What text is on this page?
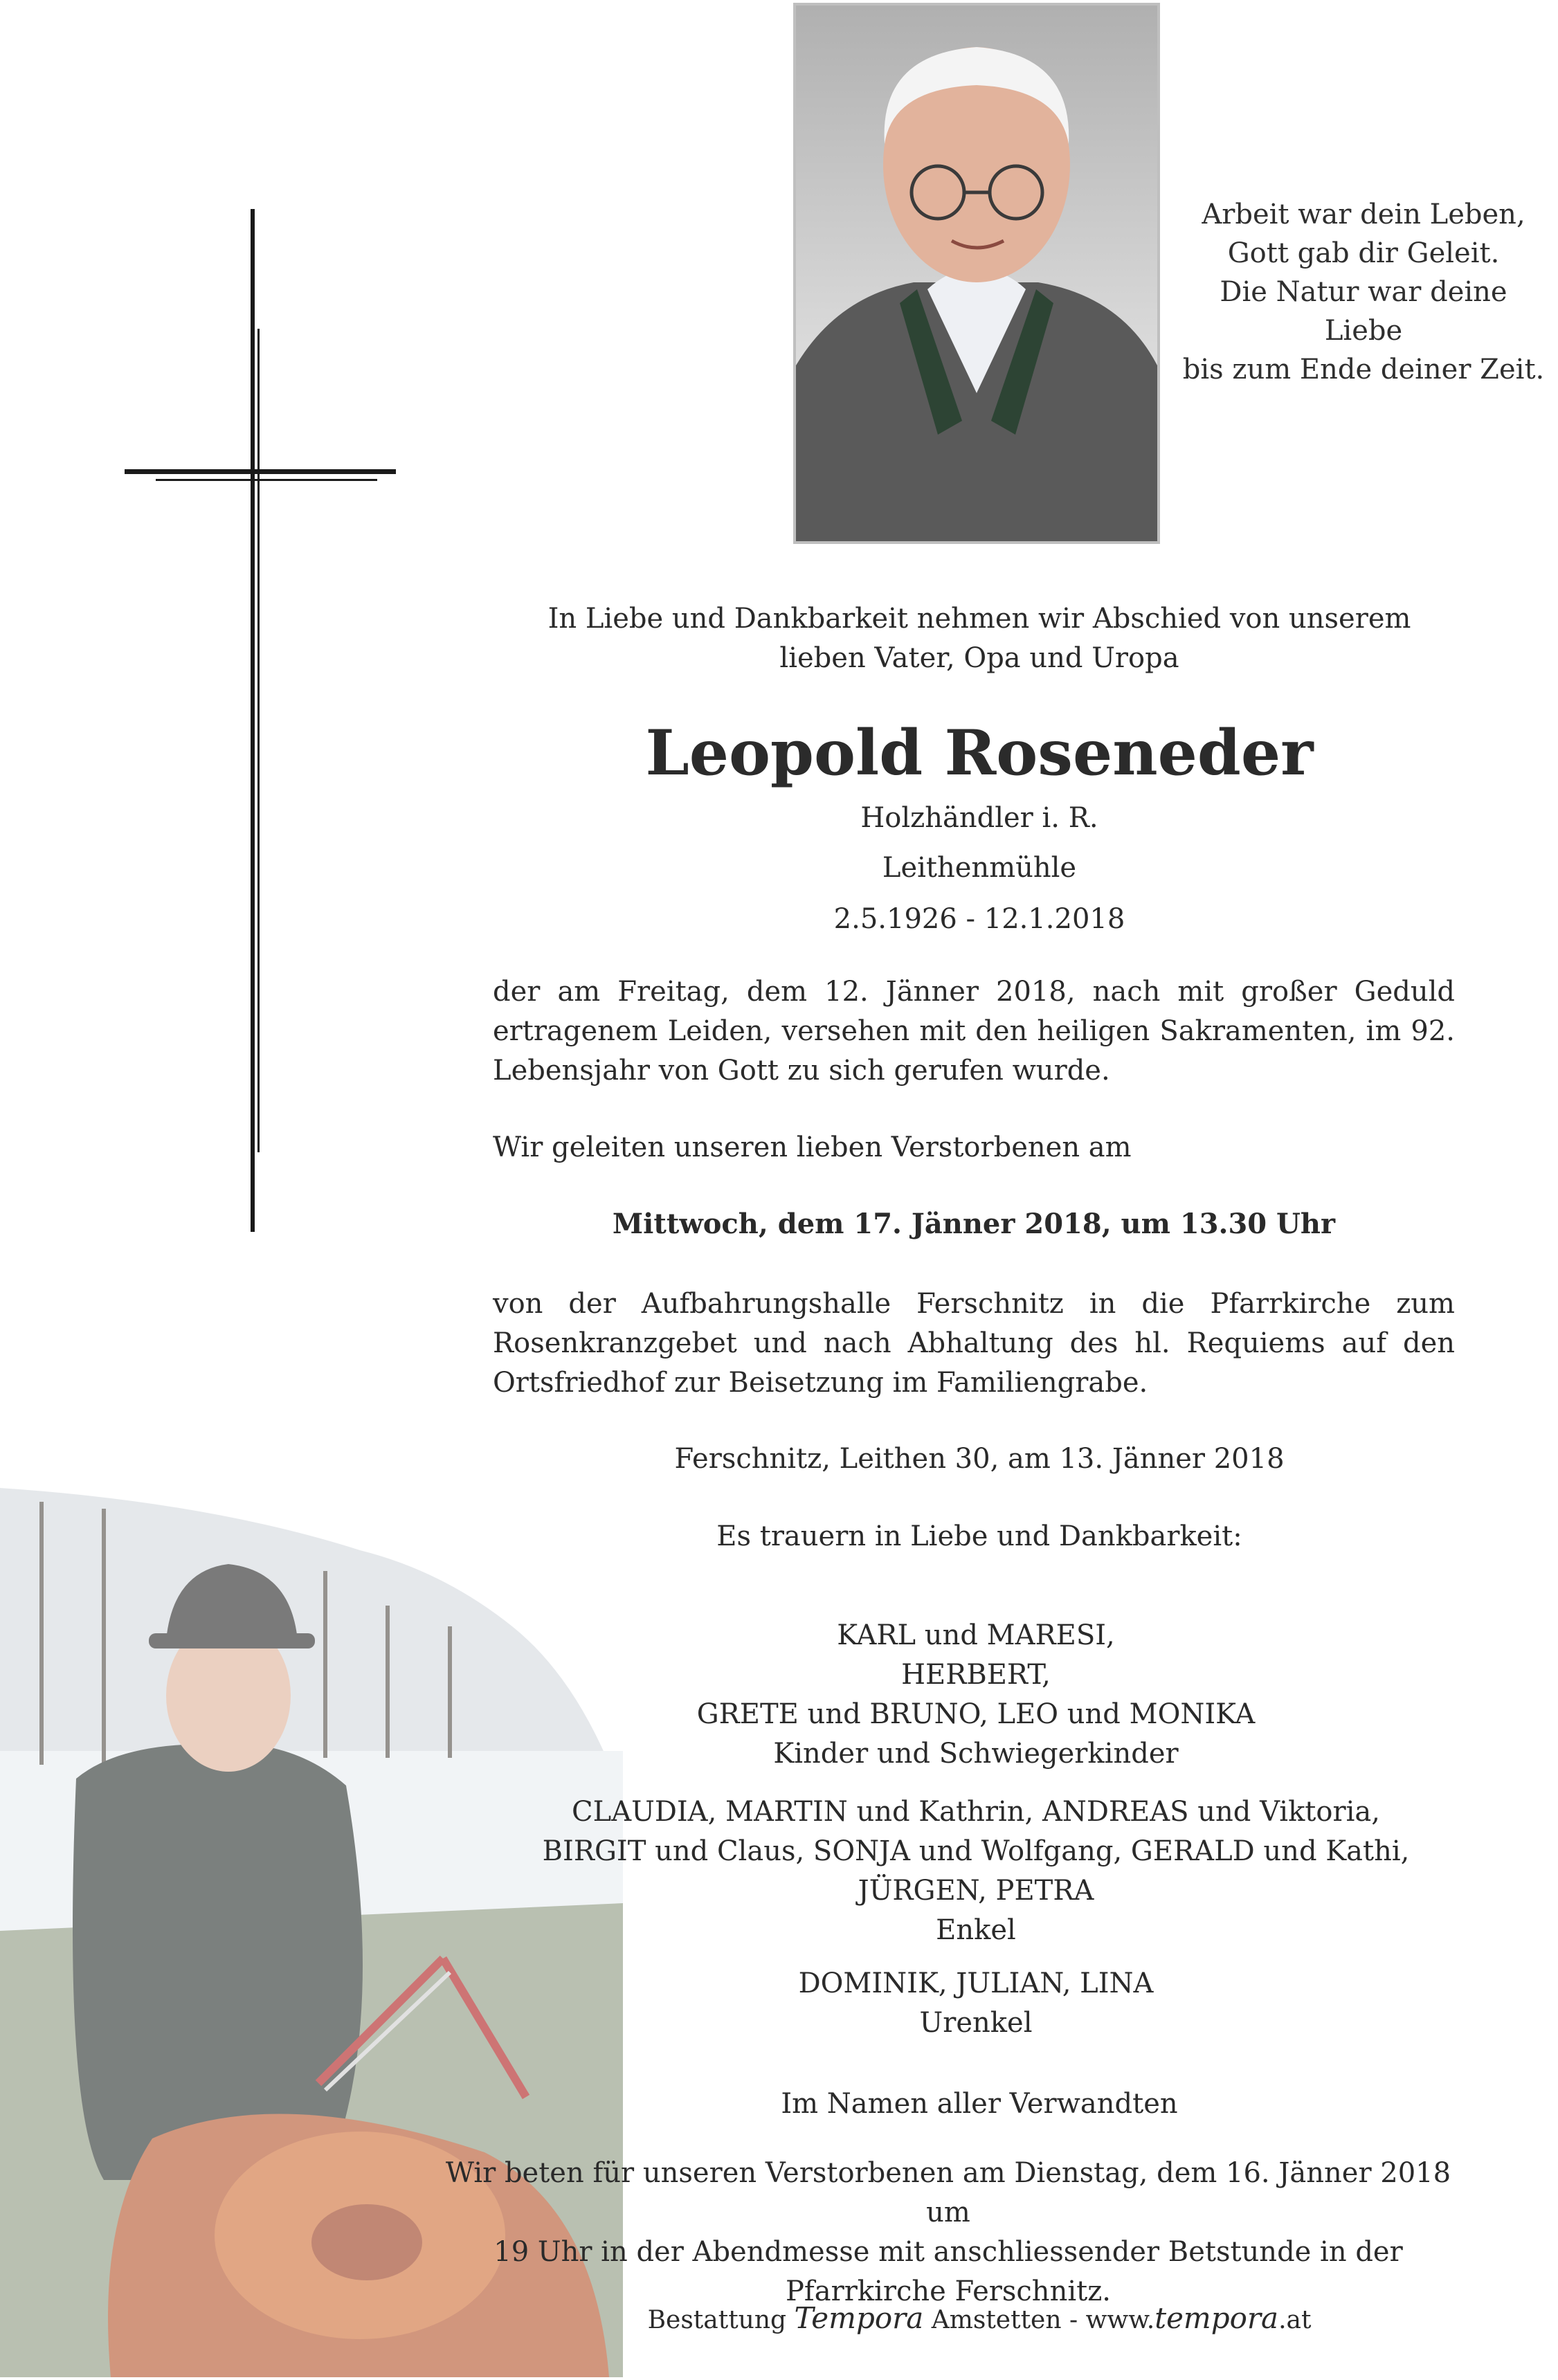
Arbeit war dein Leben,
Gott gab dir Geleit.
Die Natur war deine Liebe
bis zum Ende deiner Zeit.
In Liebe und Dankbarkeit nehmen wir Abschied von unserem
lieben Vater, Opa und Uropa
Leopold Roseneder
Holzhändler i. R.
Leithenmühle
2.5.1926 - 12.1.2018
der am Freitag, dem 12. Jänner 2018, nach mit großer Geduld ertragenem Leiden, versehen mit den heiligen Sakramenten, im 92. Lebensjahr von Gott zu sich gerufen wurde.
Wir geleiten unseren lieben Verstorbenen am
Mittwoch, dem 17. Jänner 2018, um 13.30 Uhr
von der Aufbahrungshalle Ferschnitz in die Pfarrkirche zum Rosenkranzgebet und nach Abhaltung des hl. Requiems auf den Ortsfriedhof zur Beisetzung im Familiengrabe.
Ferschnitz, Leithen 30, am 13. Jänner 2018
Es trauern in Liebe und Dankbarkeit:
KARL und MARESI,
HERBERT,
GRETE und BRUNO, LEO und MONIKA
Kinder und Schwiegerkinder
CLAUDIA, MARTIN und Kathrin, ANDREAS und Viktoria,
BIRGIT und Claus, SONJA und Wolfgang, GERALD und Kathi,
JÜRGEN, PETRA
Enkel
DOMINIK, JULIAN, LINA
Urenkel
Im Namen aller Verwandten
Wir beten für unseren Verstorbenen am Dienstag, dem 16. Jänner 2018 um
19 Uhr in der Abendmesse mit anschliessender Betstunde in der
Pfarrkirche Ferschnitz.
Bestattung Tempora Amstetten - www.tempora.at
